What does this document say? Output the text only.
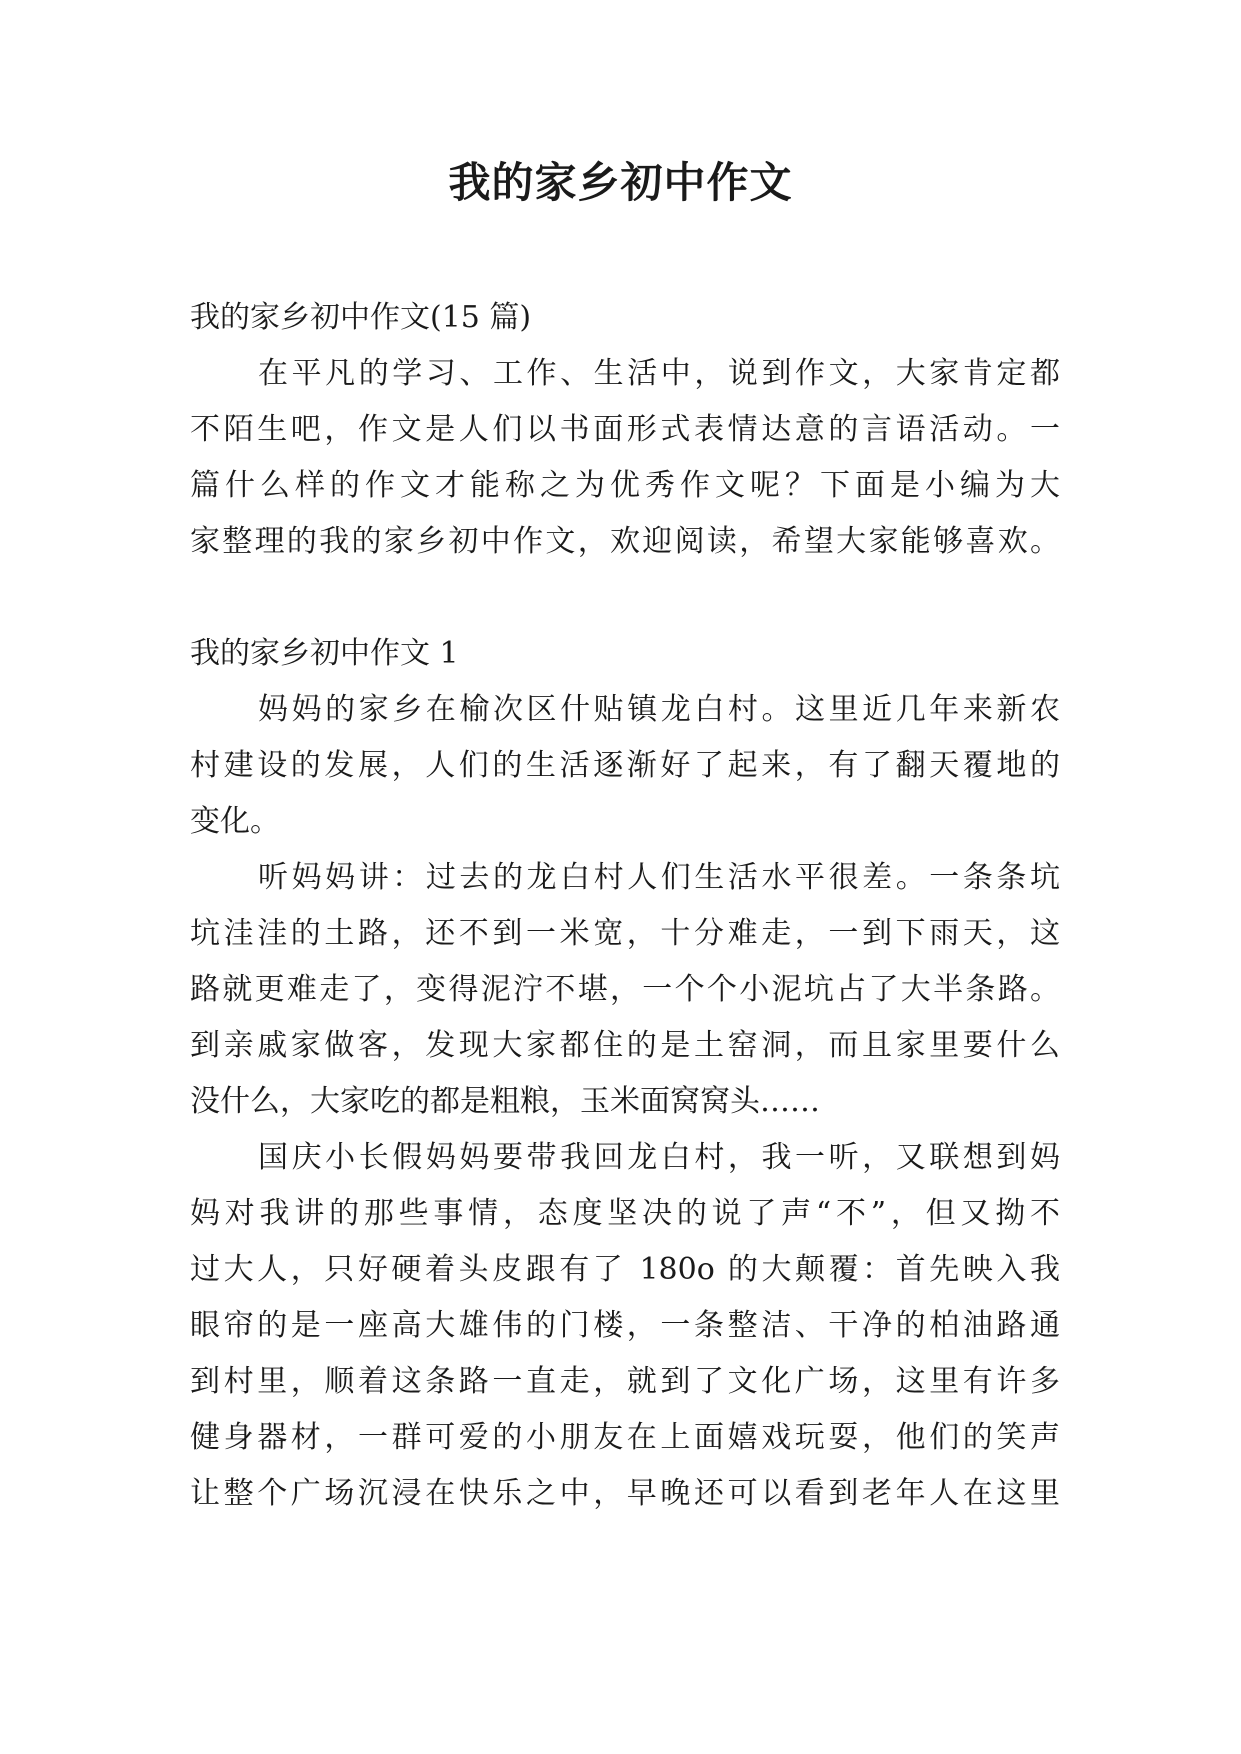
我的家乡初中作文
我的家乡初中作文(15 篇)
在平凡的学习、工作、生活中，说到作文，大家肯定都
不陌生吧，作文是人们以书面形式表情达意的言语活动。一
篇什么样的作文才能称之为优秀作文呢？下面是小编为大
家整理的我的家乡初中作文，欢迎阅读，希望大家能够喜欢。
我的家乡初中作文 1
妈妈的家乡在榆次区什贴镇龙白村。这里近几年来新农
村建设的发展，人们的生活逐渐好了起来，有了翻天覆地的
变化。
听妈妈讲：过去的龙白村人们生活水平很差。一条条坑
坑洼洼的土路，还不到一米宽，十分难走，一到下雨天，这
路就更难走了，变得泥泞不堪，一个个小泥坑占了大半条路。
到亲戚家做客，发现大家都住的是土窑洞，而且家里要什么
没什么，大家吃的都是粗粮，玉米面窝窝头……
国庆小长假妈妈要带我回龙白村，我一听，又联想到妈
妈对我讲的那些事情，态度坚决的说了声“不”，但又拗不
过大人，只好硬着头皮跟有了 180o 的大颠覆：首先映入我
眼帘的是一座高大雄伟的门楼，一条整洁、干净的柏油路通
到村里，顺着这条路一直走，就到了文化广场，这里有许多
健身器材，一群可爱的小朋友在上面嬉戏玩耍，他们的笑声
让整个广场沉浸在快乐之中，早晚还可以看到老年人在这里
